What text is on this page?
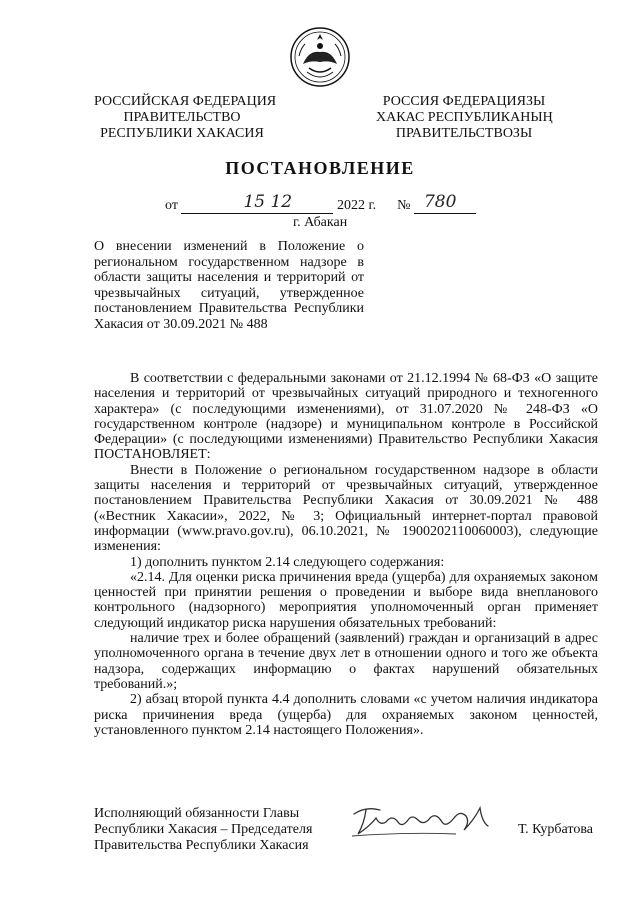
РОССИЙСКАЯ ФЕДЕРАЦИЯ
ПРАВИТЕЛЬСТВО
РЕСПУБЛИКИ ХАКАСИЯ
РОССИЯ ФЕДЕРАЦИЯЗЫ
ХАКАС РЕСПУБЛИКАНЫҢ
ПРАВИТЕЛЬСТВОЗЫ
ПОСТАНОВЛЕНИЕ
от	15 12	2022 г. № 780
г. Абакан
О внесении изменений в Положение о региональном государственном надзоре в области защиты населения и территорий от чрезвычайных ситуаций, утвержденное постановлением Правительства Республики Хакасия от 30.09.2021 № 488

В соответствии с федеральными законами от 21.12.1994 № 68-ФЗ «О защите населения и территорий от чрезвычайных ситуаций природного и техногенного характера» (с последующими изменениями), от 31.07.2020 № 248-ФЗ «О государственном контроле (надзоре) и муниципальном контроле в Российской Федерации» (с последующими изменениями) Правительство Республики Хакасия ПОСТАНОВЛЯЕТ:

Внести в Положение о региональном государственном надзоре в области защиты населения и территорий от чрезвычайных ситуаций, утвержденное постановлением Правительства Республики Хакасия от 30.09.2021 № 488 («Вестник Хакасии», 2022, № 3; Официальный интернет-портал правовой информации (www.pravo.gov.ru), 06.10.2021, № 1900202110060003), следующие изменения:

1) дополнить пунктом 2.14 следующего содержания:

«2.14. Для оценки риска причинения вреда (ущерба) для охраняемых законом ценностей при принятии решения о проведении и выборе вида внепланового контрольного (надзорного) мероприятия уполномоченный орган применяет следующий индикатор риска нарушения обязательных требований:

наличие трех и более обращений (заявлений) граждан и организаций в адрес уполномоченного органа в течение двух лет в отношении одного и того же объекта надзора, содержащих информацию о фактах нарушений обязательных требований.»;

2) абзац второй пункта 4.4 дополнить словами «с учетом наличия индикатора риска причинения вреда (ущерба) для охраняемых законом ценностей, установленного пунктом 2.14 настоящего Положения».

Исполняющий обязанности Главы
Республики Хакасия – Председателя
Правительства Республики Хакасия
Т. Курбатова
